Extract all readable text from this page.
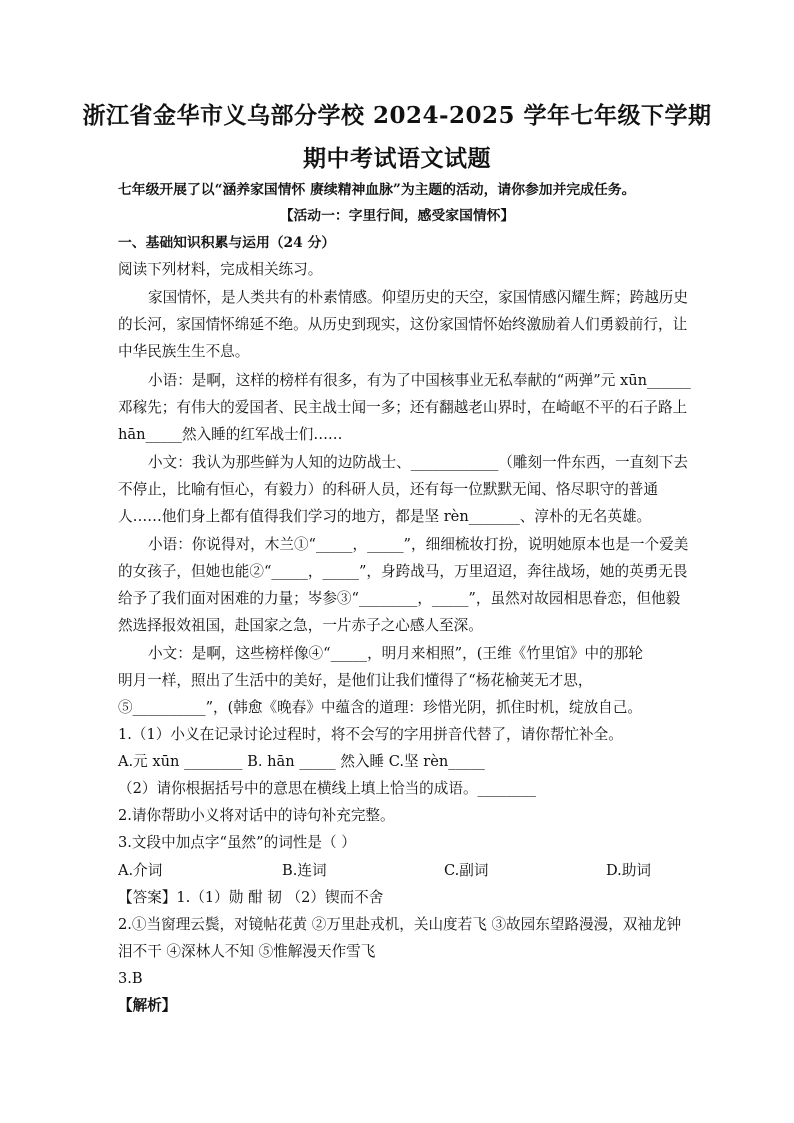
浙江省金华市义乌部分学校 2024-2025 学年七年级下学期
期中考试语文试题
七年级开展了以“涵养家国情怀 赓续精神血脉”为主题的活动，请你参加并完成任务。
【活动一：字里行间，感受家国情怀】
一、基础知识积累与运用（24 分）
阅读下列材料，完成相关练习。
家国情怀，是人类共有的朴素情感。仰望历史的天空，家国情感闪耀生辉；跨越历史
的长河，家国情怀绵延不绝。从历史到现实，这份家国情怀始终激励着人们勇毅前行，让
中华民族生生不息。
小语：是啊，这样的榜样有很多，有为了中国核事业无私奉献的“两弹”元 xūn______
邓稼先；有伟大的爱国者、民主战士闻一多；还有翻越老山界时，在崎岖不平的石子路上
hān_____然入睡的红军战士们……
小文：我认为那些鲜为人知的边防战士、____________（雕刻一件东西，一直刻下去
不停止，比喻有恒心，有毅力）的科研人员，还有每一位默默无闻、恪尽职守的普通
人……他们身上都有值得我们学习的地方，都是坚 rèn_______、淳朴的无名英雄。
小语：你说得对，木兰①“_____，_____”，细细梳妆打扮，说明她原本也是一个爱美
的女孩子，但她也能②“_____，_____”，身跨战马，万里迢迢，奔往战场，她的英勇无畏
给予了我们面对困难的力量；岑参③“________，_____”，虽然对故园相思眷恋，但他毅
然选择报效祖国，赴国家之急，一片赤子之心感人至深。
小文：是啊，这些榜样像④“_____，明月来相照”，(王维《竹里馆》中的那轮
明月一样，照出了生活中的美好，是他们让我们懂得了“杨花榆荚无才思，
⑤__________”，(韩愈《晚春》中蕴含的道理：珍惜光阴，抓住时机，绽放自己。
1.（1）小义在记录讨论过程时，将不会写的字用拼音代替了，请你帮忙补全。
A.元 xūn ________ B. hān _____ 然入睡 C.坚 rèn_____
（2）请你根据括号中的意思在横线上填上恰当的成语。________
2.请你帮助小义将对话中的诗句补充完整。
3.文段中加点字“虽然”的词性是（ ）
A.介词	B.连词	C.副词	D.助词
【答案】1.（1）勋 酣 韧 （2）锲而不舍
2.①当窗理云鬓，对镜帖花黄 ②万里赴戎机，关山度若飞 ③故园东望路漫漫，双袖龙钟
泪不干 ④深林人不知 ⑤惟解漫天作雪飞
3.B
【解析】
